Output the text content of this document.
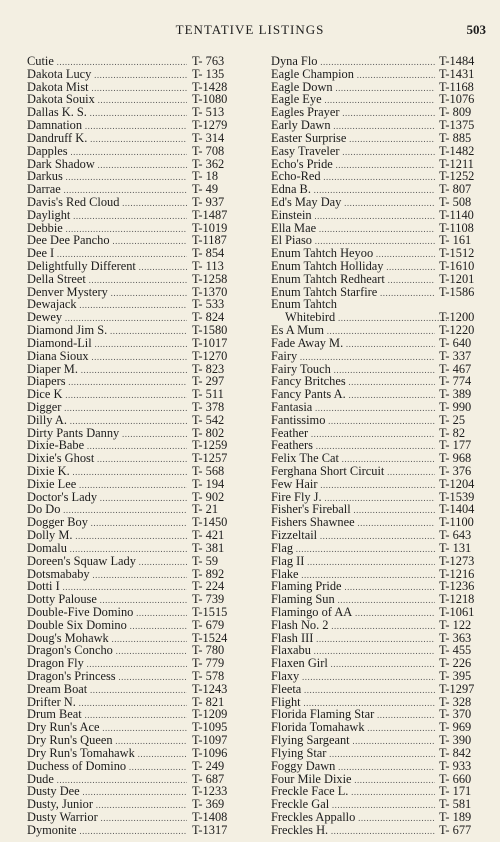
TENTATIVE LISTINGS	503
Cutie .....	T- 763
Dakota Lucy .....	T- 135
Dakota Mist .....	T-1428
Dakota Souix .....	T-1080
Dallas K. S. .....	T- 513
Damnation .....	T-1279
Dandruff K. .....	T- 314
Dapples .....	T- 708
Dark Shadow .....	T- 362
Darkus .....	T- 18
Darrae .....	T- 49
Davis's Red Cloud .....	T- 937
Daylight .....	T-1487
Debbie .....	T-1019
Dee Dee Pancho .....	T-1187
Dee I .....	T- 854
Delightfully Different .....	T- 113
Della Street .....	T-1258
Denver Mystery .....	T-1370
Dewajack .....	T- 533
Dewey .....	T- 824
Diamond Jim S. .....	T-1580
Diamond-Lil .....	T-1017
Diana Sioux .....	T-1270
Diaper M. .....	T- 823
Diapers .....	T- 297
Dice K .....	T- 511
Digger .....	T- 378
Dilly A. .....	T- 542
Dirty Pants Danny .....	T- 802
Dixie-Babe .....	T-1259
Dixie's Ghost .....	T-1257
Dixie K. .....	T- 568
Dixie Lee .....	T- 194
Doctor's Lady .....	T- 902
Do Do .....	T- 21
Dogger Boy .....	T-1450
Dolly M. .....	T- 421
Domalu .....	T- 381
Doreen's Squaw Lady .....	T- 59
Dotsmababy .....	T- 892
Dotti I .....	T- 224
Dotty Palouse .....	T- 739
Double-Five Domino .....	T-1515
Double Six Domino .....	T- 679
Doug's Mohawk .....	T-1524
Dragon's Concho .....	T- 780
Dragon Fly .....	T- 779
Dragon's Princess .....	T- 578
Dream Boat .....	T-1243
Drifter N. .....	T- 821
Drum Beat .....	T-1209
Dry Run's Ace .....	T-1095
Dry Run's Queen .....	T-1097
Dry Run's Tomahawk .....	T-1096
Duchess of Domino .....	T- 249
Dude .....	T- 687
Dusty Dee .....	T-1233
Dusty, Junior .....	T- 369
Dusty Warrior .....	T-1408
Dymonite .....	T-1317
Dyna Flo .....	T-1484
Eagle Champion .....	T-1431
Eagle Down .....	T-1168
Eagle Eye .....	T-1076
Eagles Prayer .....	T- 809
Early Dawn .....	T-1375
Easter Surprise .....	T- 885
Easy Traveler .....	T-1482
Echo's Pride .....	T-1211
Echo-Red .....	T-1252
Edna B. .....	T- 807
Ed's May Day .....	T- 508
Einstein .....	T-1140
Ella Mae .....	T-1108
El Piaso .....	T- 161
Enum Tahtch Heyoo .....	T-1512
Enum Tahtch Holliday .....	T-1610
Enum Tahtch Redheart .....	T-1201
Enum Tahtch Starfire .....	T-1586
Enum Tahtch
Whitebird .....	T-1200
Es A Mum .....	T-1220
Fade Away M. .....	T- 640
Fairy .....	T- 337
Fairy Touch .....	T- 467
Fancy Britches .....	T- 774
Fancy Pants A. .....	T- 389
Fantasia .....	T- 990
Fantissimo .....	T- 25
Feather .....	T- 82
Feathers .....	T- 177
Felix The Cat .....	T- 968
Ferghana Short Circuit .....	T- 376
Few Hair .....	T-1204
Fire Fly J. .....	T-1539
Fisher's Fireball .....	T-1404
Fishers Shawnee .....	T-1100
Fizzeltail .....	T- 643
Flag .....	T- 131
Flag II .....	T-1273
Flake .....	T-1216
Flaming Pride .....	T-1236
Flaming Sun .....	T-1218
Flamingo of AA .....	T-1061
Flash No. 2 .....	T- 122
Flash III .....	T- 363
Flaxabu .....	T- 455
Flaxen Girl .....	T- 226
Flaxy .....	T- 395
Fleeta .....	T-1297
Flight .....	T- 328
Florida Flaming Star .....	T- 370
Florida Tomahawk .....	T- 969
Flying Sargeant .....	T- 390
Flying Star .....	T- 842
Foggy Dawn .....	T- 933
Four Mile Dixie .....	T- 660
Freckle Face L. .....	T- 171
Freckle Gal .....	T- 581
Freckles Appallo .....	T- 189
Freckles H. .....	T- 677
